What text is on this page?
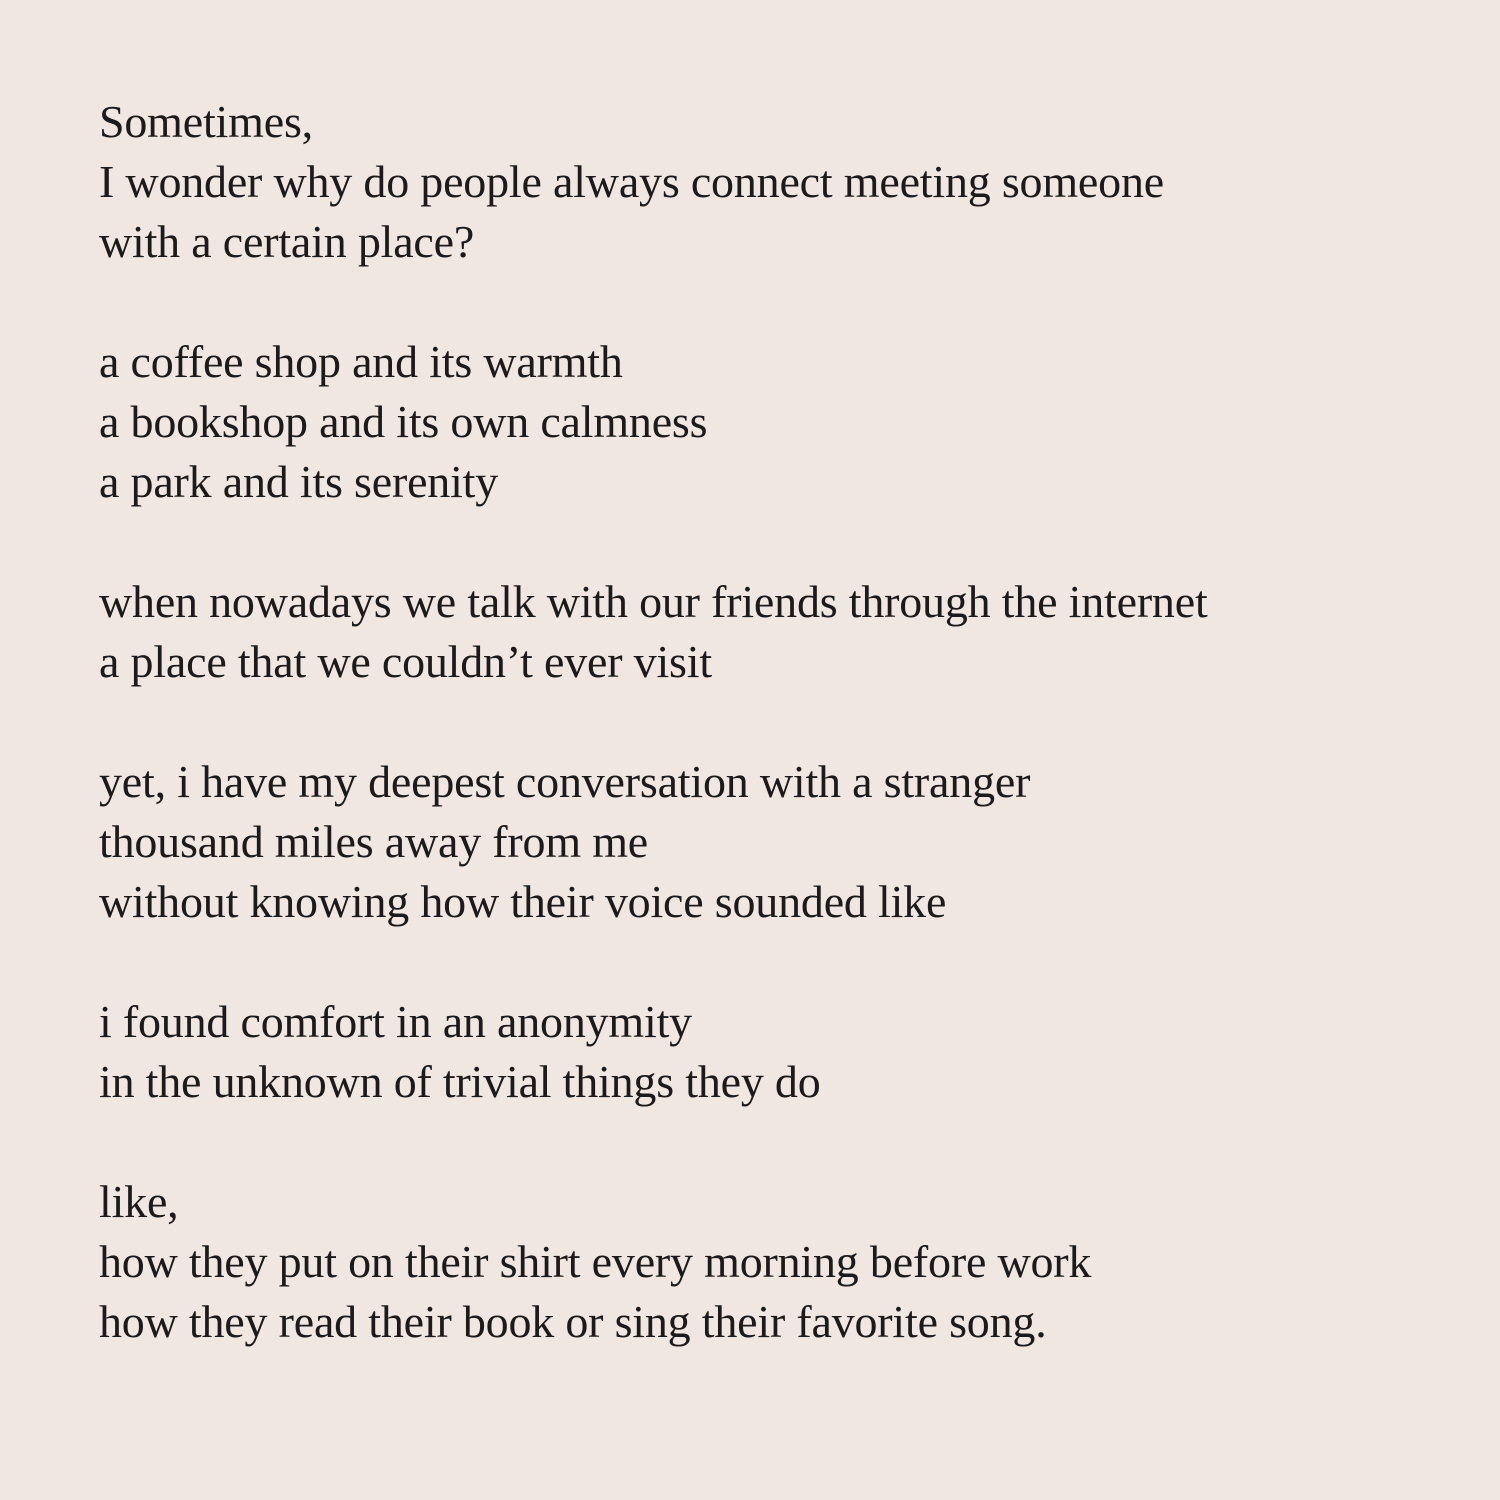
Sometimes,
I wonder why do people always connect meeting someone
with a certain place?
a coffee shop and its warmth
a bookshop and its own calmness
a park and its serenity
when nowadays we talk with our friends through the internet
a place that we couldn’t ever visit
yet, i have my deepest conversation with a stranger
thousand miles away from me
without knowing how their voice sounded like
i found comfort in an anonymity
in the unknown of trivial things they do
like,
how they put on their shirt every morning before work
how they read their book or sing their favorite song.
